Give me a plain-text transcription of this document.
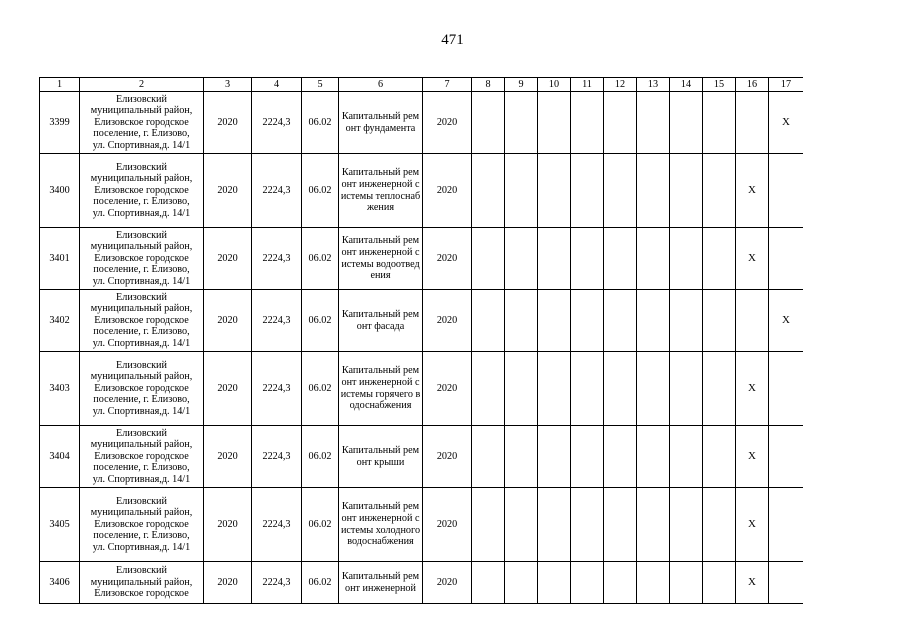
471
1	2	3	4	5	6	7	8	9	10	11	12	13	14	15	16	17
3399	Елизовский
муниципальный район,
Елизовское городское
поселение, г. Елизово,
ул. Спортивная,д. 14/1	2020	2224,3	06.02	Капитальный ремонт фундамента	2020										X
3400	Елизовский
муниципальный район,
Елизовское городское
поселение, г. Елизово,
ул. Спортивная,д. 14/1	2020	2224,3	06.02	Капитальный ремонт инженерной системы теплоснабжения	2020									X	
3401	Елизовский
муниципальный район,
Елизовское городское
поселение, г. Елизово,
ул. Спортивная,д. 14/1	2020	2224,3	06.02	Капитальный ремонт инженерной системы водоотведения	2020									X	
3402	Елизовский
муниципальный район,
Елизовское городское
поселение, г. Елизово,
ул. Спортивная,д. 14/1	2020	2224,3	06.02	Капитальный ремонт фасада	2020										X
3403	Елизовский
муниципальный район,
Елизовское городское
поселение, г. Елизово,
ул. Спортивная,д. 14/1	2020	2224,3	06.02	Капитальный ремонт инженерной системы горячего водоснабжения	2020									X	
3404	Елизовский
муниципальный район,
Елизовское городское
поселение, г. Елизово,
ул. Спортивная,д. 14/1	2020	2224,3	06.02	Капитальный ремонт крыши	2020									X	
3405	Елизовский
муниципальный район,
Елизовское городское
поселение, г. Елизово,
ул. Спортивная,д. 14/1	2020	2224,3	06.02	Капитальный ремонт инженерной системы холодного водоснабжения	2020									X	
3406	Елизовский
муниципальный район,
Елизовское городское	2020	2224,3	06.02	Капитальный ремонт инженерной	2020									X	
